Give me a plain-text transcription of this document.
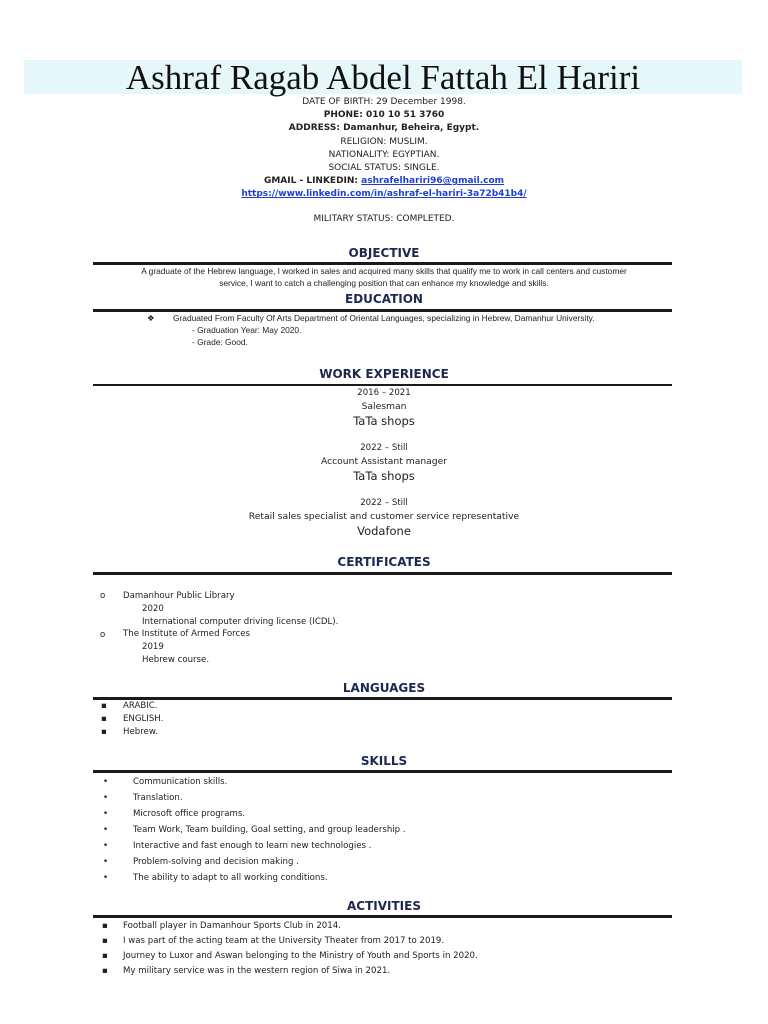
Ashraf Ragab Abdel Fattah El Hariri
DATE OF BIRTH: 29 December 1998.
PHONE: 010 10 51 3760
ADDRESS: Damanhur, Beheira, Egypt.
RELIGION: MUSLIM.
NATIONALITY: EGYPTIAN.
SOCIAL STATUS: SINGLE.
GMAIL - LINKEDIN: ashrafelhariri96@gmail.com
https://www.linkedin.com/in/ashraf-el-hariri-3a72b41b4/
MILITARY STATUS: COMPLETED.
OBJECTIVE
A graduate of the Hebrew language, I worked in sales and acquired many skills that qualify me to work in call centers and customer
service, I want to catch a challenging position that can enhance my knowledge and skills.
EDUCATION
❖ Graduated From Faculty Of Arts Department of Oriental Languages, specializing in Hebrew, Damanhur University.
- Graduation Year: May 2020.
- Grade: Good.
WORK EXPERIENCE
2016 – 2021
Salesman
TaTa shops
2022 – Still
Account Assistant manager
TaTa shops
2022 – Still
Retail sales specialist and customer service representative
Vodafone
CERTIFICATES
o Damanhour Public Library
2020
International computer driving license (ICDL).
o The Institute of Armed Forces
2019
Hebrew course.
LANGUAGES
▪ ARABIC.
▪ ENGLISH.
▪ Hebrew.
SKILLS
•	Communication skills.
•	Translation.
•	Microsoft office programs.
•	Team Work, Team building, Goal setting, and group leadership .
•	Interactive and fast enough to learn new technologies .
•	Problem-solving and decision making .
•	The ability to adapt to all working conditions.
ACTIVITIES
▪ Football player in Damanhour Sports Club in 2014.
▪ I was part of the acting team at the University Theater from 2017 to 2019.
▪ Journey to Luxor and Aswan belonging to the Ministry of Youth and Sports in 2020.
▪ My military service was in the western region of Siwa in 2021.
